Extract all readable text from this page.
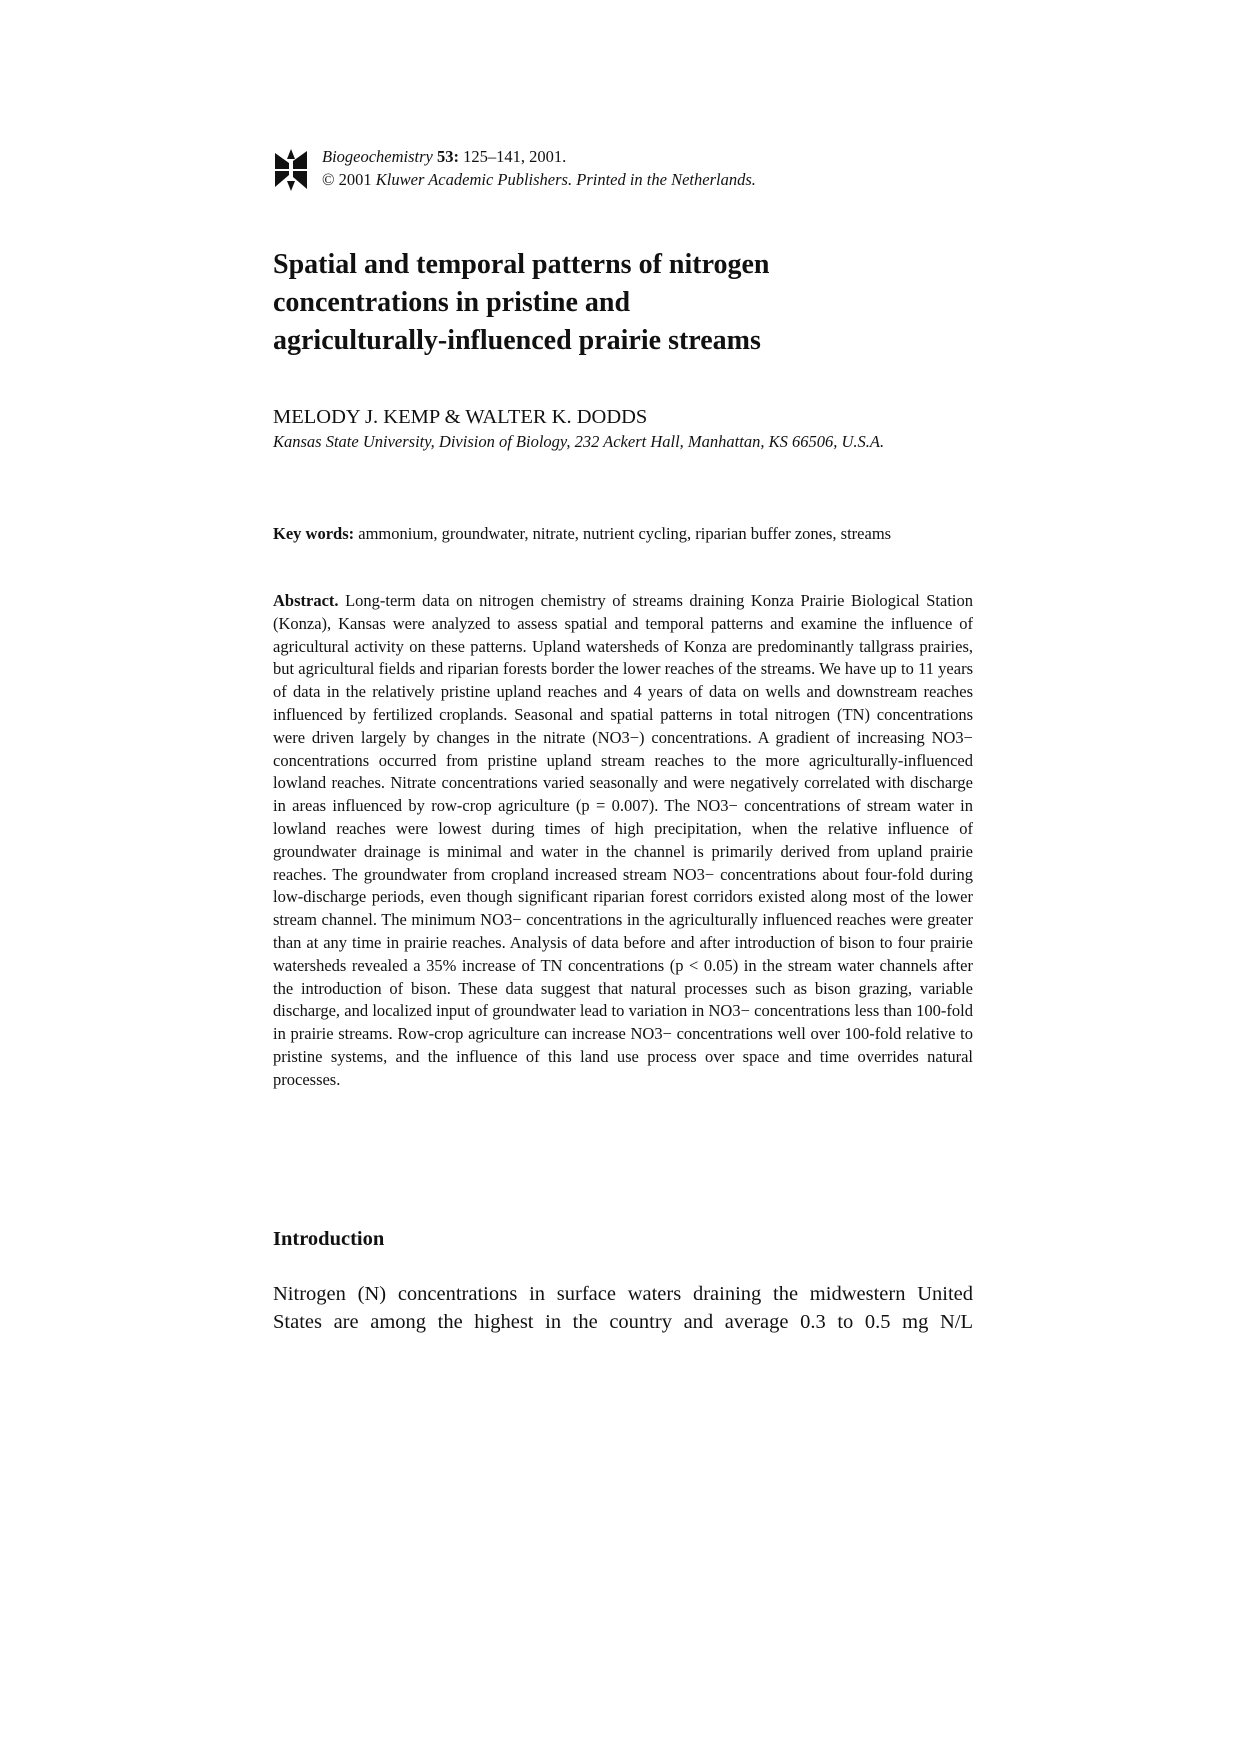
Biogeochemistry 53: 125–141, 2001.
© 2001 Kluwer Academic Publishers. Printed in the Netherlands.
Spatial and temporal patterns of nitrogen
concentrations in pristine and
agriculturally-influenced prairie streams
MELODY J. KEMP & WALTER K. DODDS
Kansas State University, Division of Biology, 232 Ackert Hall, Manhattan, KS 66506, U.S.A.
Key words: ammonium, groundwater, nitrate, nutrient cycling, riparian buffer zones, streams
Abstract. Long-term data on nitrogen chemistry of streams draining Konza Prairie Biological Station (Konza), Kansas were analyzed to assess spatial and temporal patterns and examine the influence of agricultural activity on these patterns. Upland watersheds of Konza are predominantly tallgrass prairies, but agricultural fields and riparian forests border the lower reaches of the streams. We have up to 11 years of data in the relatively pristine upland reaches and 4 years of data on wells and downstream reaches influenced by fertilized croplands. Seasonal and spatial patterns in total nitrogen (TN) concentrations were driven largely by changes in the nitrate (NO3−) concentrations. A gradient of increasing NO3− concentrations occurred from pristine upland stream reaches to the more agriculturally-influenced lowland reaches. Nitrate concentrations varied seasonally and were negatively correlated with discharge in areas influenced by row-crop agriculture (p = 0.007). The NO3− concentrations of stream water in lowland reaches were lowest during times of high precipitation, when the relative influence of groundwater drainage is minimal and water in the channel is primarily derived from upland prairie reaches. The groundwater from cropland increased stream NO3− concentrations about four-fold during low-discharge periods, even though significant riparian forest corridors existed along most of the lower stream channel. The minimum NO3− concentrations in the agriculturally influenced reaches were greater than at any time in prairie reaches. Analysis of data before and after introduction of bison to four prairie watersheds revealed a 35% increase of TN concentrations (p < 0.05) in the stream water channels after the introduction of bison. These data suggest that natural processes such as bison grazing, variable discharge, and localized input of groundwater lead to variation in NO3− concentrations less than 100-fold in prairie streams. Row-crop agriculture can increase NO3− concentrations well over 100-fold relative to pristine systems, and the influence of this land use process over space and time overrides natural processes.
Introduction
Nitrogen (N) concentrations in surface waters draining the midwestern United
States are among the highest in the country and average 0.3 to 0.5 mg N/L
